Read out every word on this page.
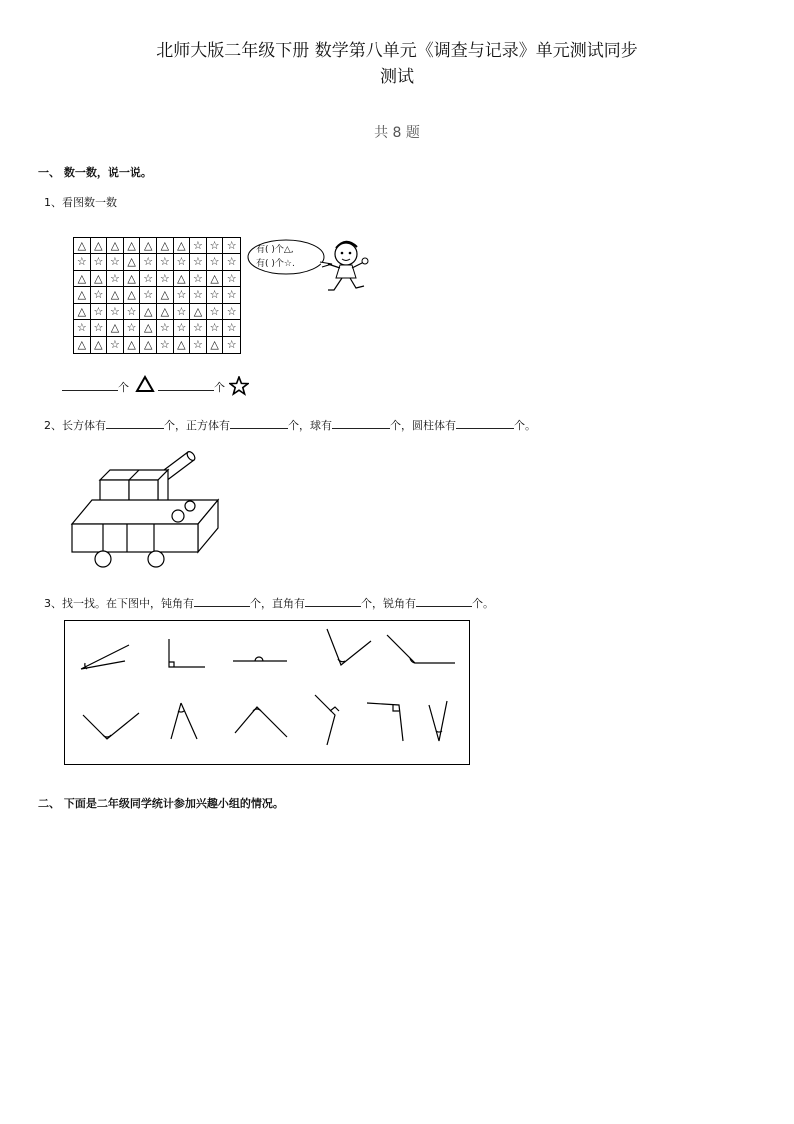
北师大版二年级下册 数学第八单元《调查与记录》单元测试同步
测试
共 8 题
一、 数一数，说一说。
1、看图数一数
△ △ △ △ △ △ △ ☆ ☆ ☆
☆ ☆ ☆ △ ☆ ☆ ☆ ☆ ☆ ☆
△ △ ☆ △ ☆ ☆ △ ☆ △ ☆
△ ☆ △ △ ☆ △ ☆ ☆ ☆ ☆
△ ☆ ☆ ☆ △ △ ☆ △ ☆ ☆
☆ ☆ △ ☆ △ ☆ ☆ ☆ ☆ ☆
△ △ ☆ △ △ ☆ △ ☆ △ ☆
有( )个△,
有( )个☆.
个	个
2、长方体有	个，正方体有	个，球有	个，圆柱体有	个。
3、找一找。在下图中，钝角有	个，直角有	个，锐角有	个。
二、 下面是二年级同学统计参加兴趣小组的情况。
